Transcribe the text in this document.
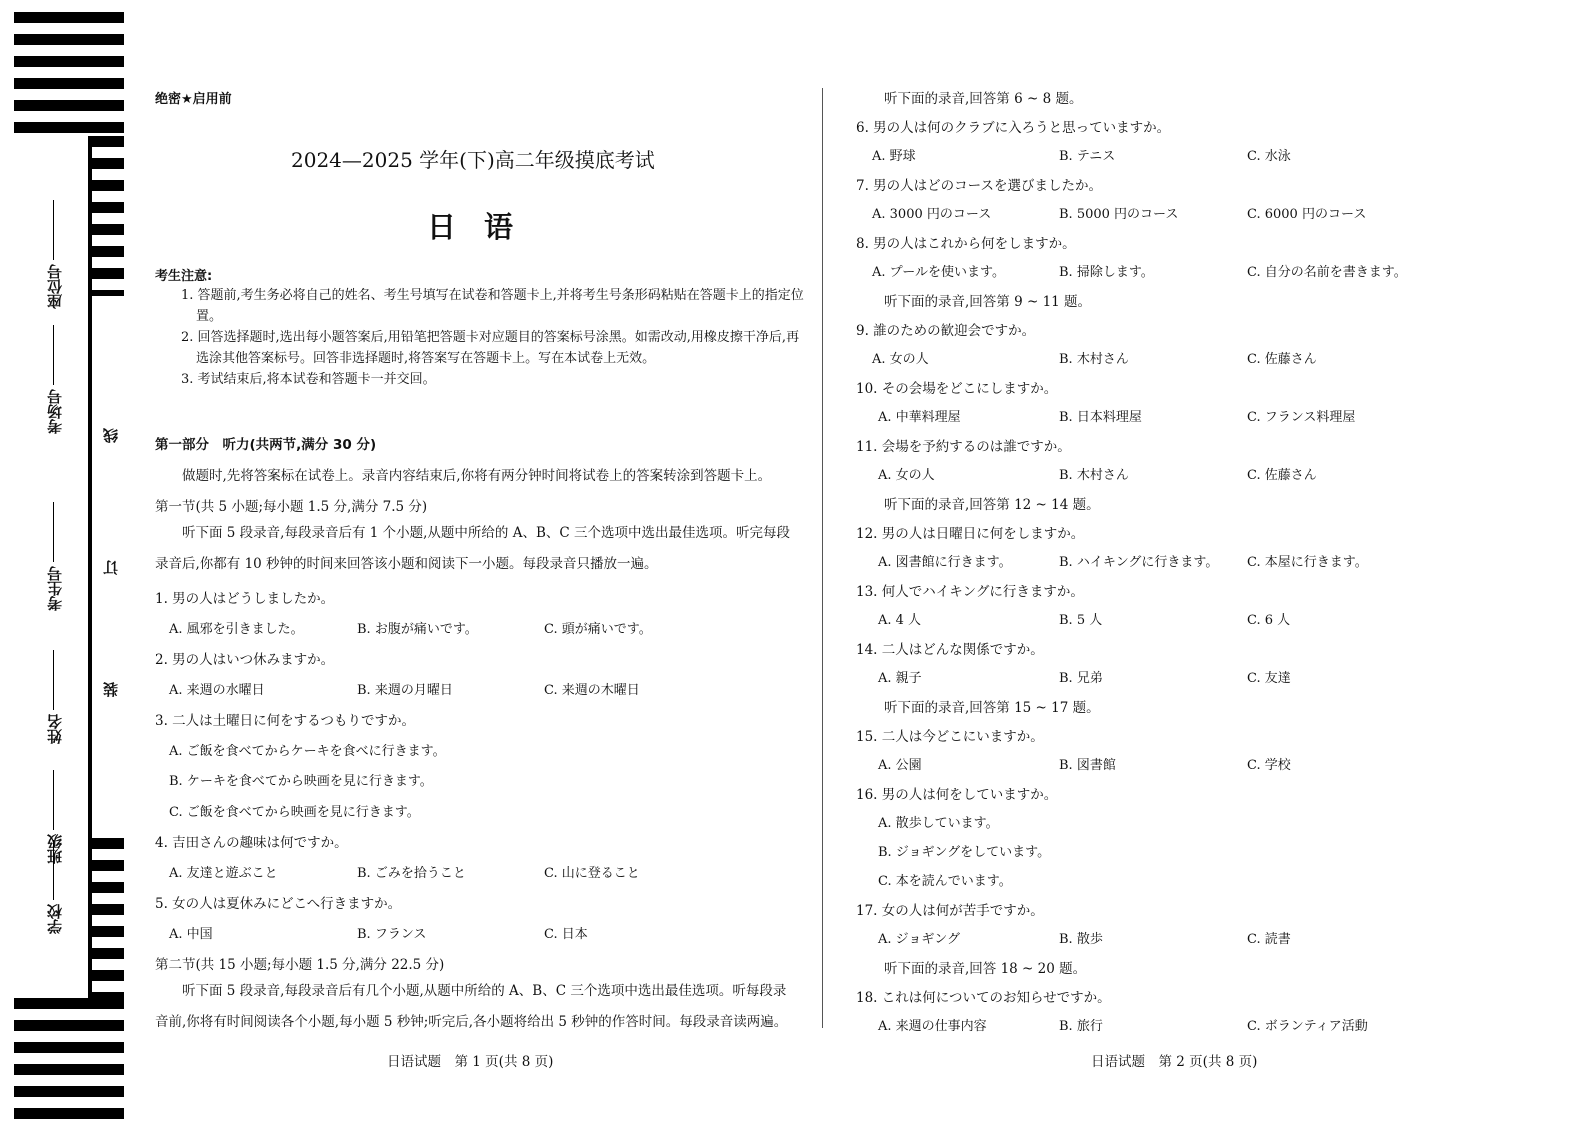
座位号
考场号
考生号
姓名
班级
学校
线
订
装
绝密★启用前
2024—2025 学年(下)高二年级摸底考试
日语
考生注意:
1. 答题前,考生务必将自己的姓名、考生号填写在试卷和答题卡上,并将考生号条形码粘贴在答题卡上的指定位置。
2. 回答选择题时,选出每小题答案后,用铅笔把答题卡对应题目的答案标号涂黑。如需改动,用橡皮擦干净后,再选涂其他答案标号。回答非选择题时,将答案写在答题卡上。写在本试卷上无效。
3. 考试结束后,将本试卷和答题卡一并交回。
第一部分　听力(共两节,满分 30 分)
做题时,先将答案标在试卷上。录音内容结束后,你将有两分钟时间将试卷上的答案转涂到答题卡上。
第一节(共 5 小题;每小题 1.5 分,满分 7.5 分)
听下面 5 段录音,每段录音后有 1 个小题,从题中所给的 A、B、C 三个选项中选出最佳选项。听完每段录音后,你都有 10 秒钟的时间来回答该小题和阅读下一小题。每段录音只播放一遍。
1. 男の人はどうしましたか。
A. 風邪を引きました。	B. お腹が痛いです。	C. 頭が痛いです。
2. 男の人はいつ休みますか。
A. 来週の水曜日	B. 来週の月曜日	C. 来週の木曜日
3. 二人は土曜日に何をするつもりですか。
A. ご飯を食べてからケーキを食べに行きます。
B. ケーキを食べてから映画を見に行きます。
C. ご飯を食べてから映画を見に行きます。
4. 吉田さんの趣味は何ですか。
A. 友達と遊ぶこと	B. ごみを拾うこと	C. 山に登ること
5. 女の人は夏休みにどこへ行きますか。
A. 中国	B. フランス	C. 日本
第二节(共 15 小题;每小题 1.5 分,满分 22.5 分)
听下面 5 段录音,每段录音后有几个小题,从题中所给的 A、B、C 三个选项中选出最佳选项。听每段录音前,你将有时间阅读各个小题,每小题 5 秒钟;听完后,各小题将给出 5 秒钟的作答时间。每段录音读两遍。
日语试题　第 1 页(共 8 页)
听下面的录音,回答第 6 ~ 8 题。
6. 男の人は何のクラブに入ろうと思っていますか。
A. 野球	B. テニス	C. 水泳
7. 男の人はどのコースを選びましたか。
A. 3000 円のコース	B. 5000 円のコース	C. 6000 円のコース
8. 男の人はこれから何をしますか。
A. プールを使います。	B. 掃除します。	C. 自分の名前を書きます。
听下面的录音,回答第 9 ~ 11 题。
9. 誰のための歓迎会ですか。
A. 女の人	B. 木村さん	C. 佐藤さん
10. その会場をどこにしますか。
A. 中華料理屋	B. 日本料理屋	C. フランス料理屋
11. 会場を予約するのは誰ですか。
A. 女の人	B. 木村さん	C. 佐藤さん
听下面的录音,回答第 12 ~ 14 题。
12. 男の人は日曜日に何をしますか。
A. 図書館に行きます。	B. ハイキングに行きます。 C. 本屋に行きます。
13. 何人でハイキングに行きますか。
A. 4 人	B. 5 人	C. 6 人
14. 二人はどんな関係ですか。
A. 親子	B. 兄弟	C. 友達
听下面的录音,回答第 15 ~ 17 题。
15. 二人は今どこにいますか。
A. 公園	B. 図書館	C. 学校
16. 男の人は何をしていますか。
A. 散歩しています。
B. ジョギングをしています。
C. 本を読んでいます。
17. 女の人は何が苦手ですか。
A. ジョギング	B. 散歩	C. 読書
听下面的录音,回答 18 ~ 20 题。
18. これは何についてのお知らせですか。
A. 来週の仕事内容	B. 旅行	C. ボランティア活動
日语试题　第 2 页(共 8 页)
